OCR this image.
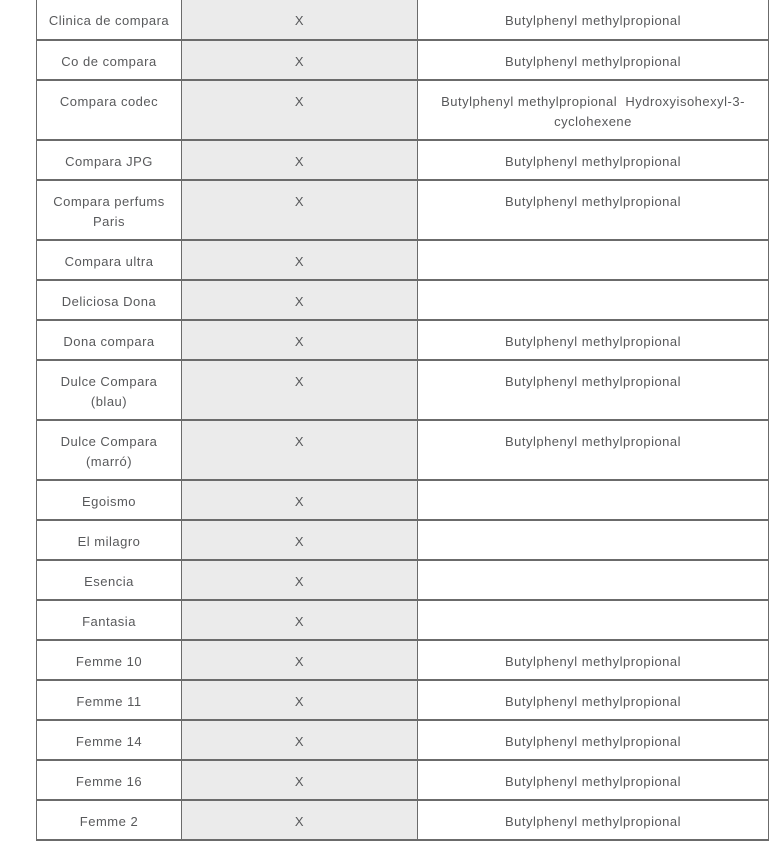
Clinica de compara	X	Butylphenyl methylpropional
Co de compara	X	Butylphenyl methylpropional
Compara codec	X	Butylphenyl methylpropional  Hydroxyisohexyl-3-cyclohexene
Compara JPG	X	Butylphenyl methylpropional
Compara perfums Paris	X	Butylphenyl methylpropional
Compara ultra	X	
Deliciosa Dona	X	
Dona compara	X	Butylphenyl methylpropional
Dulce Compara (blau)	X	Butylphenyl methylpropional
Dulce Compara (marró)	X	Butylphenyl methylpropional
Egoismo	X	
El milagro	X	
Esencia	X	
Fantasia	X	
Femme 10	X	Butylphenyl methylpropional
Femme 11	X	Butylphenyl methylpropional
Femme 14	X	Butylphenyl methylpropional
Femme 16	X	Butylphenyl methylpropional
Femme 2	X	Butylphenyl methylpropional
